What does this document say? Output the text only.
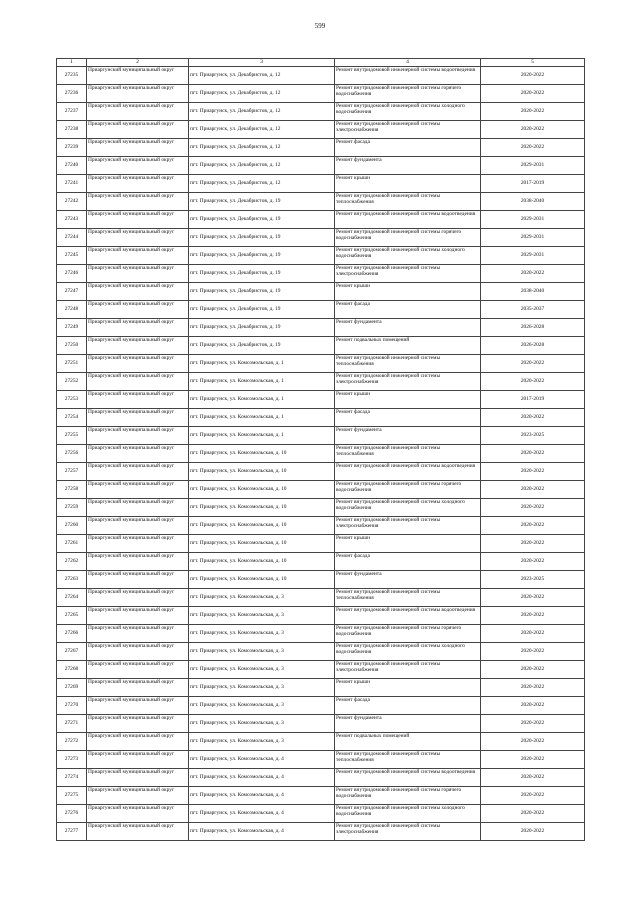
599
1	2	3	4	5
27235	Приаргунский муниципальный округ	пгт. Приаргунск, ул. Декабристов, д. 12	Ремонт внутридомовой инженерной системы водоотведения	2020-2022
27236	Приаргунский муниципальный округ	пгт. Приаргунск, ул. Декабристов, д. 12	Ремонт внутридомовой инженерной системы горячего водоснабжения	2020-2022
27237	Приаргунский муниципальный округ	пгт. Приаргунск, ул. Декабристов, д. 12	Ремонт внутридомовой инженерной системы холодного водоснабжения	2020-2022
27238	Приаргунский муниципальный округ	пгт. Приаргунск, ул. Декабристов, д. 12	Ремонт внутридомовой инженерной системы электроснабжения	2020-2022
27239	Приаргунский муниципальный округ	пгт. Приаргунск, ул. Декабристов, д. 12	Ремонт фасада	2020-2022
27240	Приаргунский муниципальный округ	пгт. Приаргунск, ул. Декабристов, д. 12	Ремонт фундамента	2029-2031
27241	Приаргунский муниципальный округ	пгт. Приаргунск, ул. Декабристов, д. 12	Ремонт крыши	2017-2019
27242	Приаргунский муниципальный округ	пгт. Приаргунск, ул. Декабристов, д. 19	Ремонт внутридомовой инженерной системы теплоснабжения	2038-2040
27243	Приаргунский муниципальный округ	пгт. Приаргунск, ул. Декабристов, д. 19	Ремонт внутридомовой инженерной системы водоотведения	2029-2031
27244	Приаргунский муниципальный округ	пгт. Приаргунск, ул. Декабристов, д. 19	Ремонт внутридомовой инженерной системы горячего водоснабжения	2029-2031
27245	Приаргунский муниципальный округ	пгт. Приаргунск, ул. Декабристов, д. 19	Ремонт внутридомовой инженерной системы холодного водоснабжения	2029-2031
27246	Приаргунский муниципальный округ	пгт. Приаргунск, ул. Декабристов, д. 19	Ремонт внутридомовой инженерной системы электроснабжения	2020-2022
27247	Приаргунский муниципальный округ	пгт. Приаргунск, ул. Декабристов, д. 19	Ремонт крыши	2038-2040
27248	Приаргунский муниципальный округ	пгт. Приаргунск, ул. Декабристов, д. 19	Ремонт фасада	2035-2037
27249	Приаргунский муниципальный округ	пгт. Приаргунск, ул. Декабристов, д. 19	Ремонт фундамента	2026-2028
27250	Приаргунский муниципальный округ	пгт. Приаргунск, ул. Декабристов, д. 19	Ремонт подвальных помещений	2026-2028
27251	Приаргунский муниципальный округ	пгт. Приаргунск, ул. Комсомольская, д. 1	Ремонт внутридомовой инженерной системы теплоснабжения	2020-2022
27252	Приаргунский муниципальный округ	пгт. Приаргунск, ул. Комсомольская, д. 1	Ремонт внутридомовой инженерной системы электроснабжения	2020-2022
27253	Приаргунский муниципальный округ	пгт. Приаргунск, ул. Комсомольская, д. 1	Ремонт крыши	2017-2019
27254	Приаргунский муниципальный округ	пгт. Приаргунск, ул. Комсомольская, д. 1	Ремонт фасада	2020-2022
27255	Приаргунский муниципальный округ	пгт. Приаргунск, ул. Комсомольская, д. 1	Ремонт фундамента	2023-2025
27256	Приаргунский муниципальный округ	пгт. Приаргунск, ул. Комсомольская, д. 10	Ремонт внутридомовой инженерной системы теплоснабжения	2020-2022
27257	Приаргунский муниципальный округ	пгт. Приаргунск, ул. Комсомольская, д. 10	Ремонт внутридомовой инженерной системы водоотведения	2020-2022
27258	Приаргунский муниципальный округ	пгт. Приаргунск, ул. Комсомольская, д. 10	Ремонт внутридомовой инженерной системы горячего водоснабжения	2020-2022
27259	Приаргунский муниципальный округ	пгт. Приаргунск, ул. Комсомольская, д. 10	Ремонт внутридомовой инженерной системы холодного водоснабжения	2020-2022
27260	Приаргунский муниципальный округ	пгт. Приаргунск, ул. Комсомольская, д. 10	Ремонт внутридомовой инженерной системы электроснабжения	2020-2022
27261	Приаргунский муниципальный округ	пгт. Приаргунск, ул. Комсомольская, д. 10	Ремонт крыши	2020-2022
27262	Приаргунский муниципальный округ	пгт. Приаргунск, ул. Комсомольская, д. 10	Ремонт фасада	2020-2022
27263	Приаргунский муниципальный округ	пгт. Приаргунск, ул. Комсомольская, д. 10	Ремонт фундамента	2023-2025
27264	Приаргунский муниципальный округ	пгт. Приаргунск, ул. Комсомольская, д. 3	Ремонт внутридомовой инженерной системы теплоснабжения	2020-2022
27265	Приаргунский муниципальный округ	пгт. Приаргунск, ул. Комсомольская, д. 3	Ремонт внутридомовой инженерной системы водоотведения	2020-2022
27266	Приаргунский муниципальный округ	пгт. Приаргунск, ул. Комсомольская, д. 3	Ремонт внутридомовой инженерной системы горячего водоснабжения	2020-2022
27267	Приаргунский муниципальный округ	пгт. Приаргунск, ул. Комсомольская, д. 3	Ремонт внутридомовой инженерной системы холодного водоснабжения	2020-2022
27268	Приаргунский муниципальный округ	пгт. Приаргунск, ул. Комсомольская, д. 3	Ремонт внутридомовой инженерной системы электроснабжения	2020-2022
27269	Приаргунский муниципальный округ	пгт. Приаргунск, ул. Комсомольская, д. 3	Ремонт крыши	2020-2022
27270	Приаргунский муниципальный округ	пгт. Приаргунск, ул. Комсомольская, д. 3	Ремонт фасада	2020-2022
27271	Приаргунский муниципальный округ	пгт. Приаргунск, ул. Комсомольская, д. 3	Ремонт фундамента	2020-2022
27272	Приаргунский муниципальный округ	пгт. Приаргунск, ул. Комсомольская, д. 3	Ремонт подвальных помещений	2020-2022
27273	Приаргунский муниципальный округ	пгт. Приаргунск, ул. Комсомольская, д. 4	Ремонт внутридомовой инженерной системы теплоснабжения	2020-2022
27274	Приаргунский муниципальный округ	пгт. Приаргунск, ул. Комсомольская, д. 4	Ремонт внутридомовой инженерной системы водоотведения	2020-2022
27275	Приаргунский муниципальный округ	пгт. Приаргунск, ул. Комсомольская, д. 4	Ремонт внутридомовой инженерной системы горячего водоснабжения	2020-2022
27276	Приаргунский муниципальный округ	пгт. Приаргунск, ул. Комсомольская, д. 4	Ремонт внутридомовой инженерной системы холодного водоснабжения	2020-2022
27277	Приаргунский муниципальный округ	пгт. Приаргунск, ул. Комсомольская, д. 4	Ремонт внутридомовой инженерной системы электроснабжения	2020-2022
